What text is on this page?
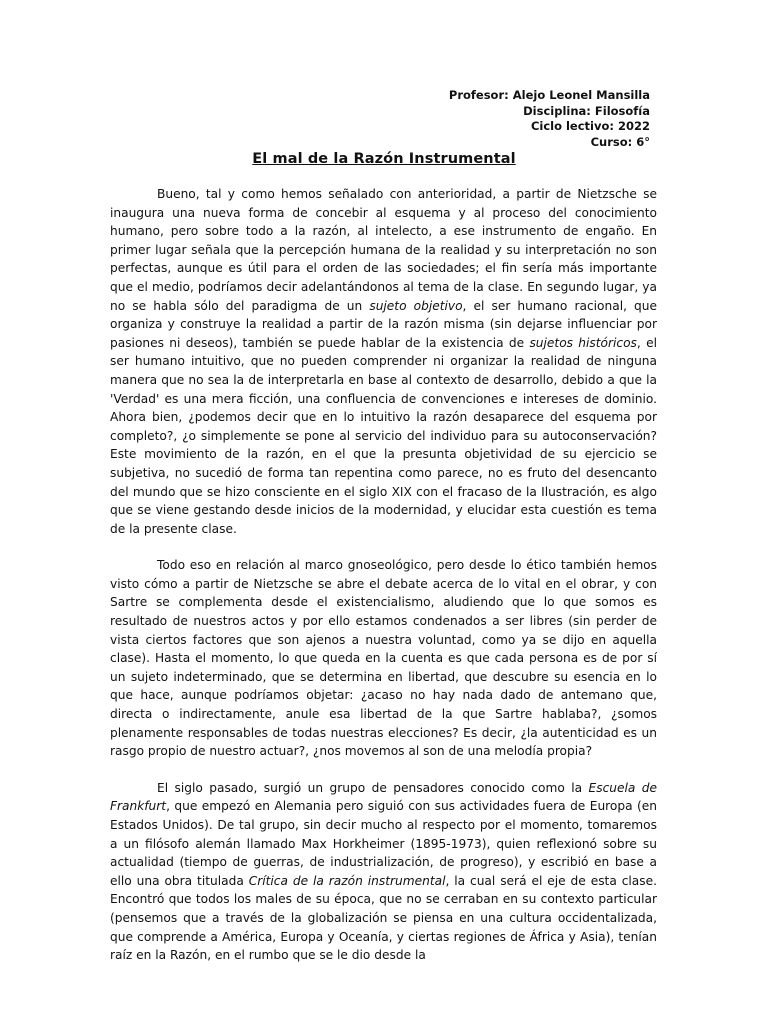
Profesor: Alejo Leonel Mansilla
Disciplina: Filosofía
Ciclo lectivo: 2022
Curso: 6°
El mal de la Razón Instrumental

Bueno, tal y como hemos señalado con anterioridad, a partir de Nietzsche se inaugura una nueva forma de concebir al esquema y al proceso del conocimiento humano, pero sobre todo a la razón, al intelecto, a ese instrumento de engaño. En primer lugar señala que la percepción humana de la realidad y su interpretación no son perfectas, aunque es útil para el orden de las sociedades; el fin sería más importante que el medio, podríamos decir adelantándonos al tema de la clase. En segundo lugar, ya no se habla sólo del paradigma de un sujeto objetivo, el ser humano racional, que organiza y construye la realidad a partir de la razón misma (sin dejarse influenciar por pasiones ni deseos), también se puede hablar de la existencia de sujetos históricos, el ser humano intuitivo, que no pueden comprender ni organizar la realidad de ninguna manera que no sea la de interpretarla en base al contexto de desarrollo, debido a que la 'Verdad' es una mera ficción, una confluencia de convenciones e intereses de dominio. Ahora bien, ¿podemos decir que en lo intuitivo la razón desaparece del esquema por completo?, ¿o simplemente se pone al servicio del individuo para su autoconservación? Este movimiento de la razón, en el que la presunta objetividad de su ejercicio se subjetiva, no sucedió de forma tan repentina como parece, no es fruto del desencanto del mundo que se hizo consciente en el siglo XIX con el fracaso de la Ilustración, es algo que se viene gestando desde inicios de la modernidad, y elucidar esta cuestión es tema de la presente clase.

Todo eso en relación al marco gnoseológico, pero desde lo ético también hemos visto cómo a partir de Nietzsche se abre el debate acerca de lo vital en el obrar, y con Sartre se complementa desde el existencialismo, aludiendo que lo que somos es resultado de nuestros actos y por ello estamos condenados a ser libres (sin perder de vista ciertos factores que son ajenos a nuestra voluntad, como ya se dijo en aquella clase). Hasta el momento, lo que queda en la cuenta es que cada persona es de por sí un sujeto indeterminado, que se determina en libertad, que descubre su esencia en lo que hace, aunque podríamos objetar: ¿acaso no hay nada dado de antemano que, directa o indirectamente, anule esa libertad de la que Sartre hablaba?, ¿somos plenamente responsables de todas nuestras elecciones? Es decir, ¿la autenticidad es un rasgo propio de nuestro actuar?, ¿nos movemos al son de una melodía propia?

El siglo pasado, surgió un grupo de pensadores conocido como la Escuela de Frankfurt, que empezó en Alemania pero siguió con sus actividades fuera de Europa (en Estados Unidos). De tal grupo, sin decir mucho al respecto por el momento, tomaremos a un filósofo alemán llamado Max Horkheimer (1895-1973), quien reflexionó sobre su actualidad (tiempo de guerras, de industrialización, de progreso), y escribió en base a ello una obra titulada Crítica de la razón instrumental, la cual será el eje de esta clase. Encontró que todos los males de su época, que no se cerraban en su contexto particular (pensemos que a través de la globalización se piensa en una cultura occidentalizada, que comprende a América, Europa y Oceanía, y ciertas regiones de África y Asia), tenían raíz en la Razón, en el rumbo que se le dio desde la
